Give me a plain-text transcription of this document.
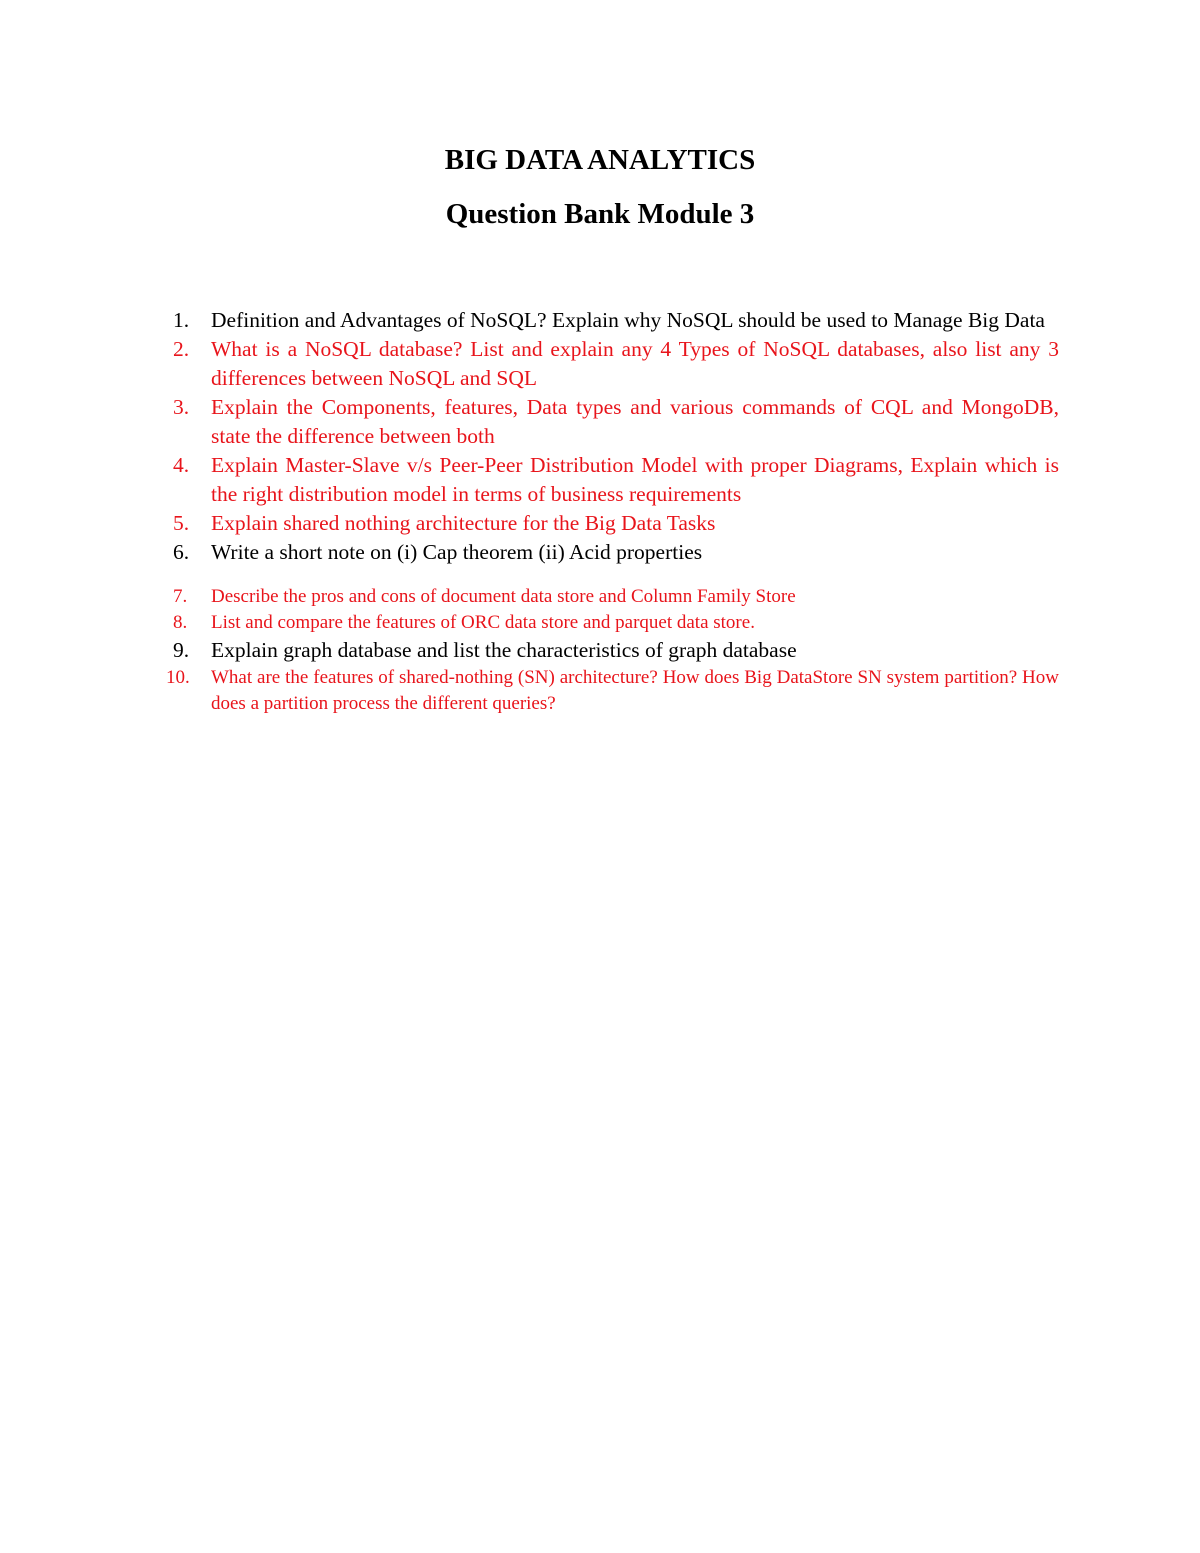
BIG DATA ANALYTICS
Question Bank Module 3
1. Definition and Advantages of NoSQL? Explain why NoSQL should be used to Manage Big Data
2. What is a NoSQL database? List and explain any 4 Types of NoSQL databases, also list any 3 differences between NoSQL and SQL
3. Explain the Components, features, Data types and various commands of CQL and MongoDB, state the difference between both
4. Explain Master-Slave v/s Peer-Peer Distribution Model with proper Diagrams, Explain which is the right distribution model in terms of business requirements
5. Explain shared nothing architecture for the Big Data Tasks
6. Write a short note on (i) Cap theorem (ii) Acid properties
7. Describe the pros and cons of document data store and Column Family Store
8. List and compare the features of ORC data store and parquet data store.
9. Explain graph database and list the characteristics of graph database
10. What are the features of shared-nothing (SN) architecture? How does Big DataStore SN system partition? How does a partition process the different queries?
